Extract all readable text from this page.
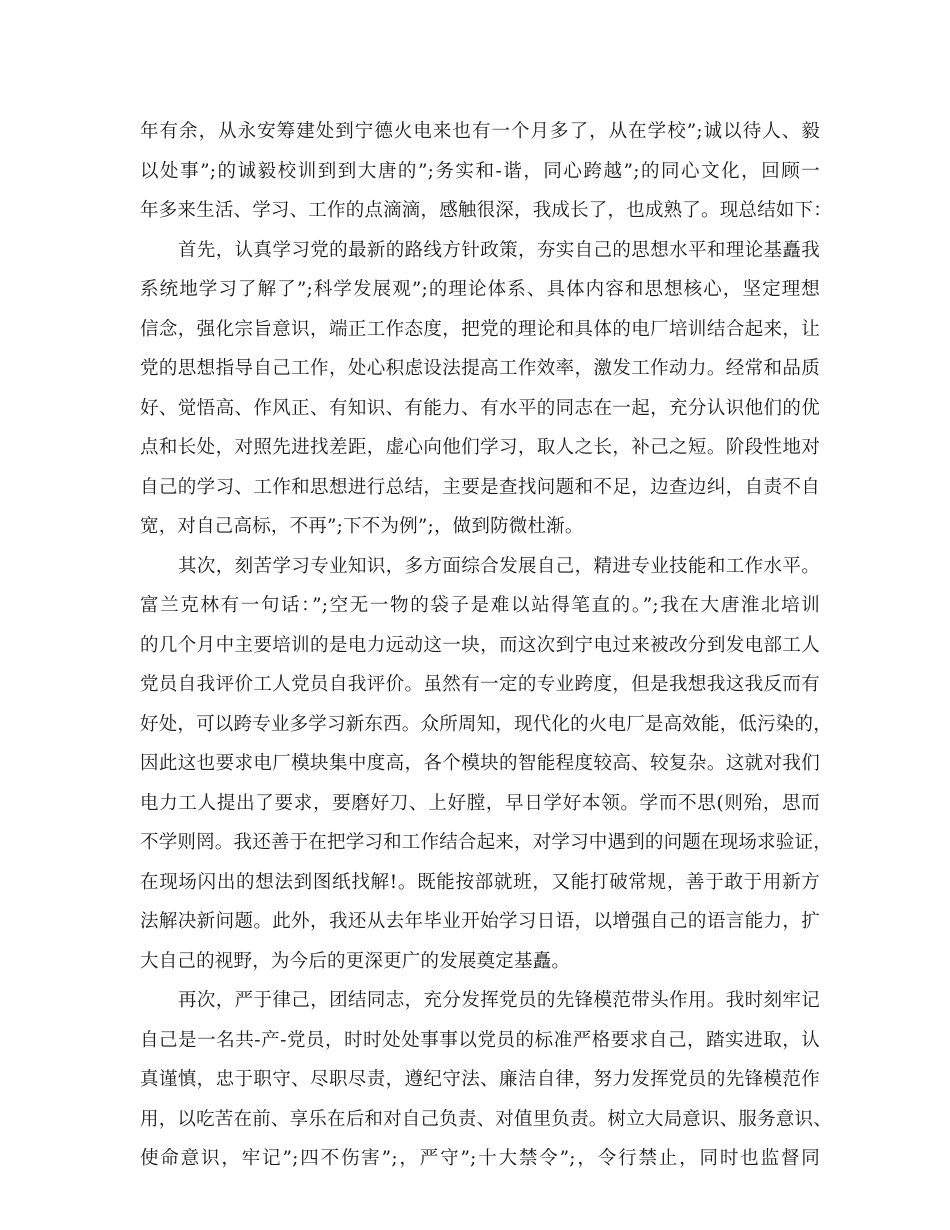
年有余，从永安筹建处到宁德火电来也有一个月多了，从在学校”;诚以待人、毅
以处事”;的诚毅校训到到大唐的”;务实和-谐，同心跨越”;的同心文化，回顾一
年多来生活、学习、工作的点滴滴，感触很深，我成长了，也成熟了。现总结如下：
首先，认真学习党的最新的路线方针政策，夯实自己的思想水平和理论基矗我
系统地学习了解了”;科学发展观”;的理论体系、具体内容和思想核心，坚定理想
信念，强化宗旨意识，端正工作态度，把党的理论和具体的电厂培训结合起来，让
党的思想指导自己工作，处心积虑设法提高工作效率，激发工作动力。经常和品质
好、觉悟高、作风正、有知识、有能力、有水平的同志在一起，充分认识他们的优
点和长处，对照先进找差距，虚心向他们学习，取人之长，补己之短。阶段性地对
自己的学习、工作和思想进行总结，主要是查找问题和不足，边查边纠，自责不自
宽，对自己高标，不再”;下不为例”;，做到防微杜渐。
其次，刻苦学习专业知识，多方面综合发展自己，精进专业技能和工作水平。
富兰克林有一句话：”;空无一物的袋子是难以站得笔直的。”;我在大唐淮北培训
的几个月中主要培训的是电力远动这一块，而这次到宁电过来被改分到发电部工人
党员自我评价工人党员自我评价。虽然有一定的专业跨度，但是我想我这我反而有
好处，可以跨专业多学习新东西。众所周知，现代化的火电厂是高效能，低污染的，
因此这也要求电厂模块集中度高，各个模块的智能程度较高、较复杂。这就对我们
电力工人提出了要求，要磨好刀、上好膛，早日学好本领。学而不思(则殆，思而
不学则罔。我还善于在把学习和工作结合起来，对学习中遇到的问题在现场求验证，
在现场闪出的想法到图纸找解!。既能按部就班，又能打破常规，善于敢于用新方
法解决新问题。此外，我还从去年毕业开始学习日语，以增强自己的语言能力，扩
大自己的视野，为今后的更深更广的发展奠定基矗。
再次，严于律己，团结同志，充分发挥党员的先锋模范带头作用。我时刻牢记
自己是一名共-产-党员，时时处处事事以党员的标准严格要求自己，踏实进取，认
真谨慎，忠于职守、尽职尽责，遵纪守法、廉洁自律，努力发挥党员的先锋模范作
用，以吃苦在前、享乐在后和对自己负责、对值里负责。树立大局意识、服务意识、
使命意识，牢记”;四不伤害”;，严守”;十大禁令”;，令行禁止，同时也监督同
